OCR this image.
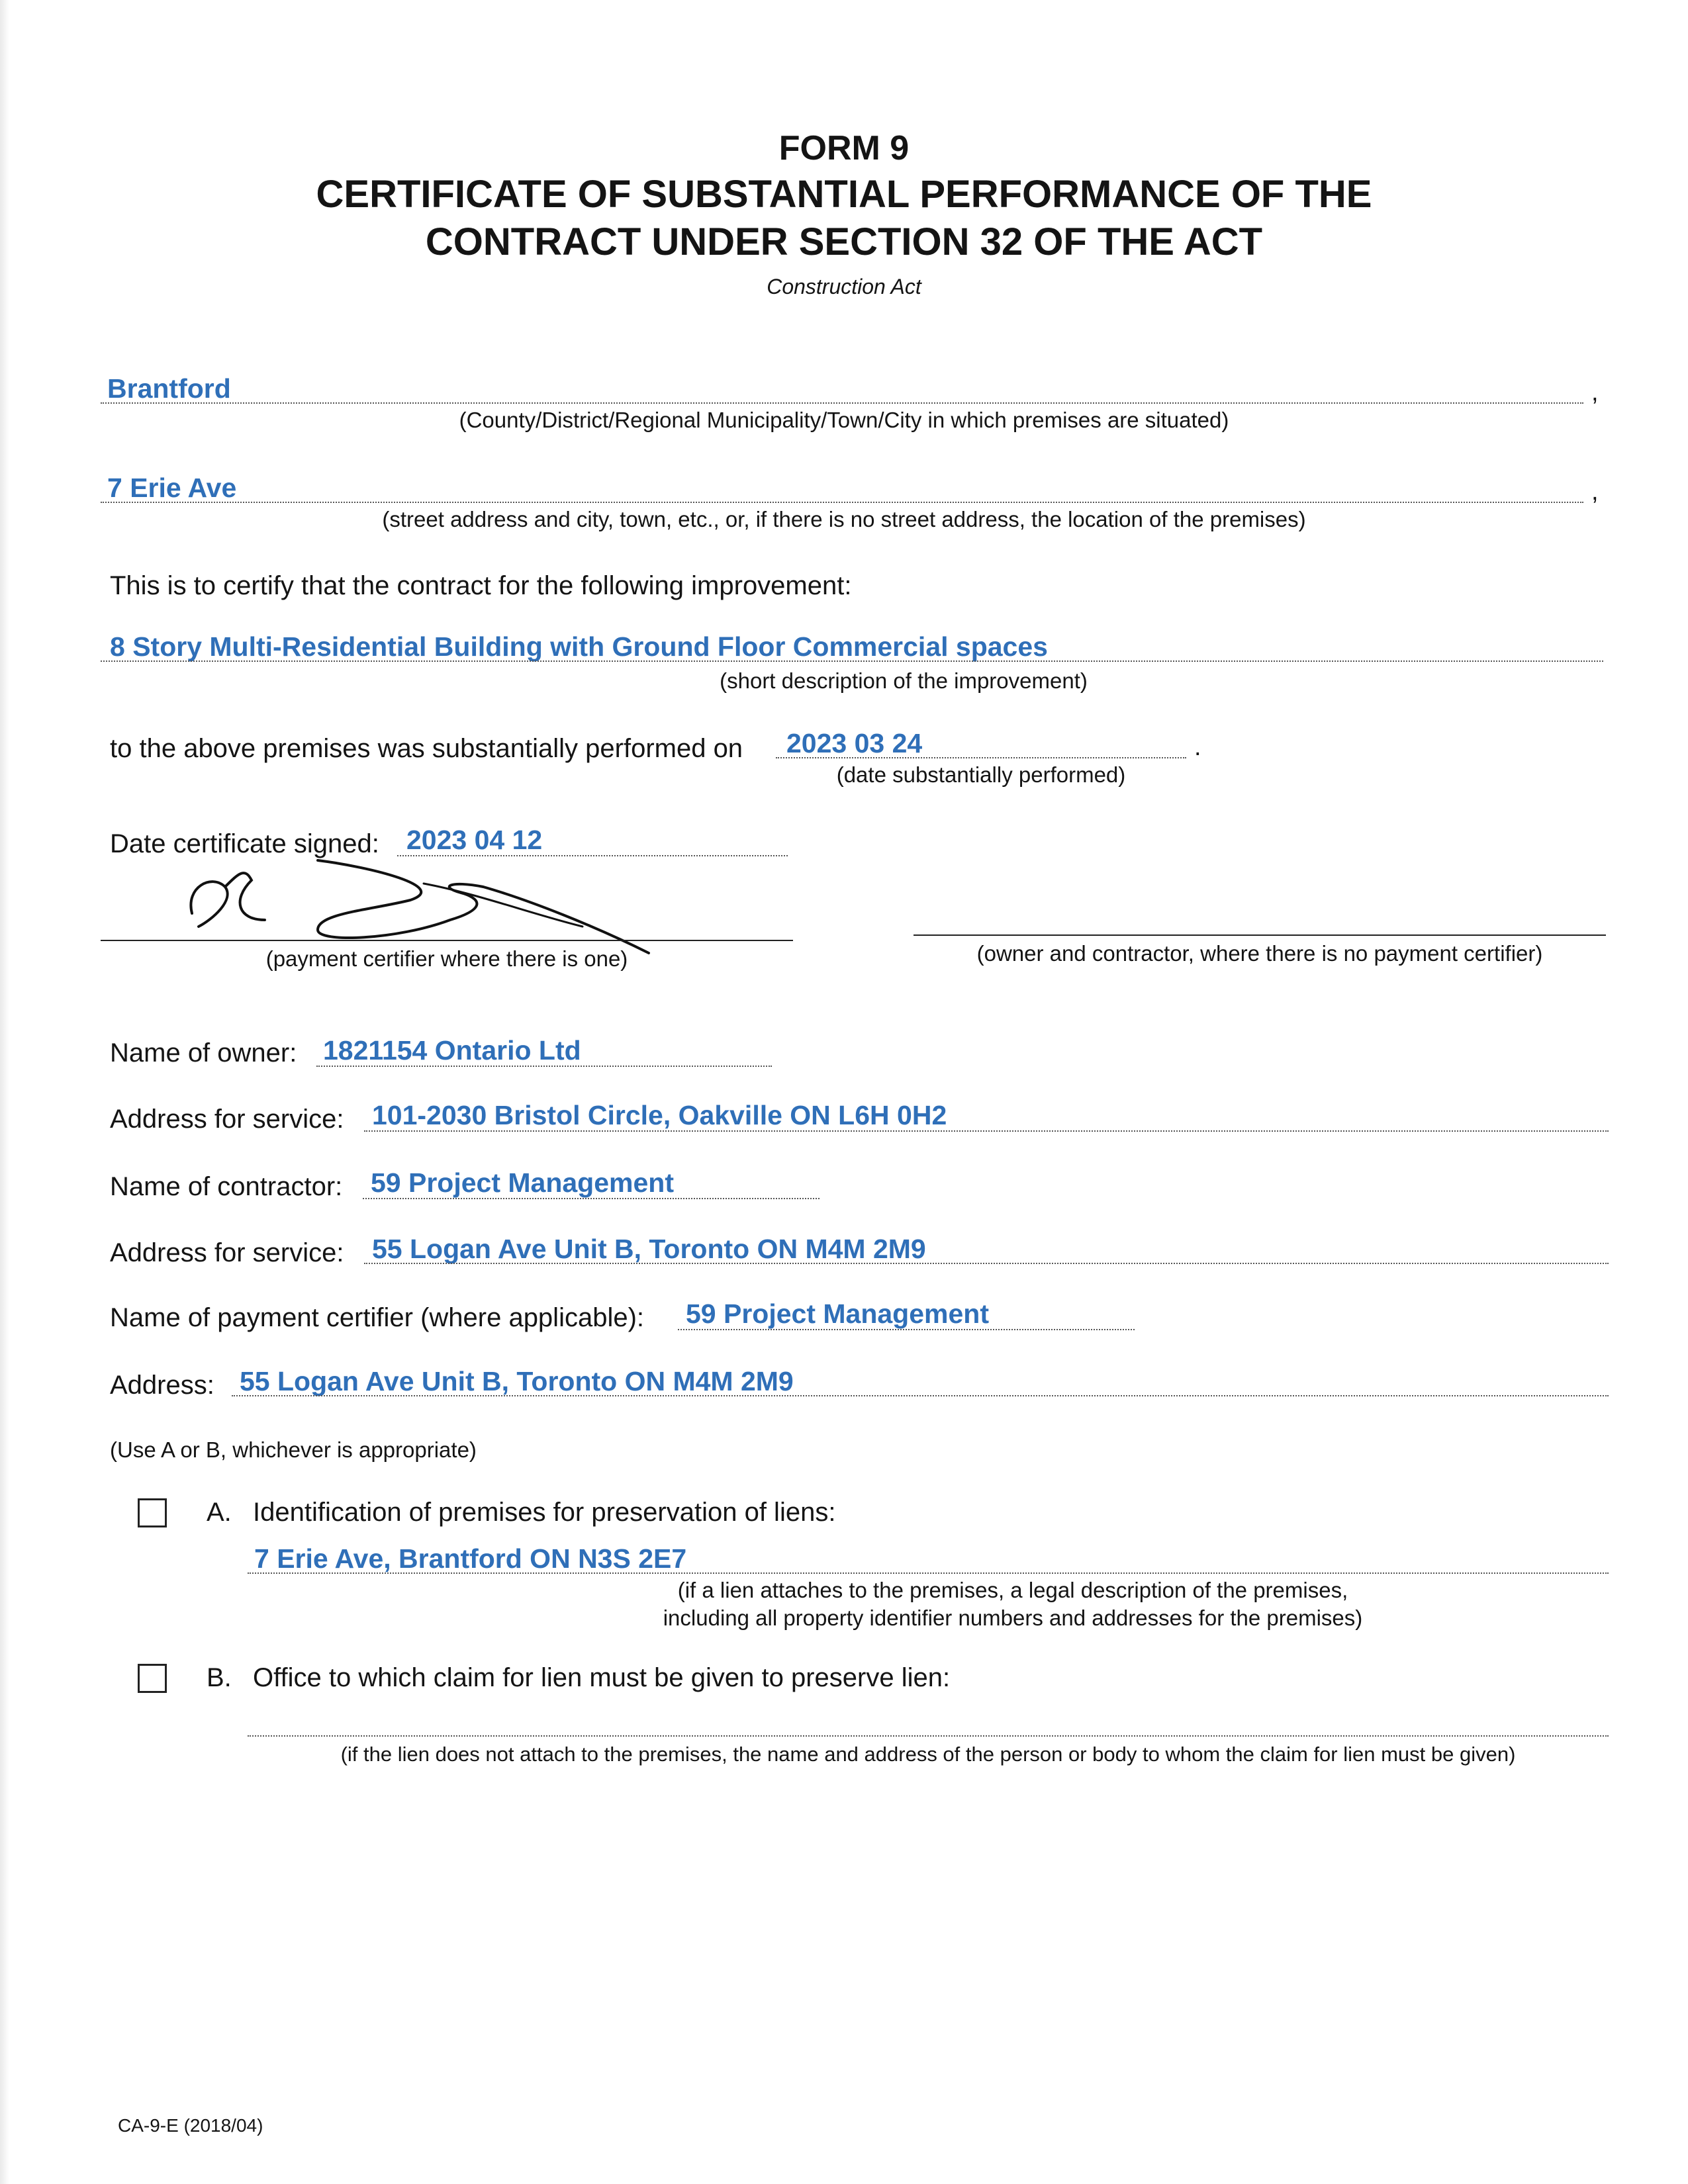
FORM 9
CERTIFICATE OF SUBSTANTIAL PERFORMANCE OF THE
CONTRACT UNDER SECTION 32 OF THE ACT
Construction Act
Brantford	,
(County/District/Regional Municipality/Town/City in which premises are situated)
7 Erie Ave	,
(street address and city, town, etc., or, if there is no street address, the location of the premises)
This is to certify that the contract for the following improvement:
8 Story Multi-Residential Building with Ground Floor Commercial spaces
(short description of the improvement)
to the above premises was substantially performed on 2023 03 24	.
(date substantially performed)
Date certificate signed: 2023 04 12
(payment certifier where there is one)	(owner and contractor, where there is no payment certifier)
Name of owner: 1821154 Ontario Ltd
Address for service: 101-2030 Bristol Circle, Oakville ON L6H 0H2
Name of contractor: 59 Project Management
Address for service: 55 Logan Ave Unit B, Toronto ON M4M 2M9
Name of payment certifier (where applicable): 59 Project Management
Address: 55 Logan Ave Unit B, Toronto ON M4M 2M9
(Use A or B, whichever is appropriate)
A. Identification of premises for preservation of liens:
7 Erie Ave, Brantford ON N3S 2E7
(if a lien attaches to the premises, a legal description of the premises,
including all property identifier numbers and addresses for the premises)
B. Office to which claim for lien must be given to preserve lien:
(if the lien does not attach to the premises, the name and address of the person or body to whom the claim for lien must be given)
CA-9-E (2018/04)
